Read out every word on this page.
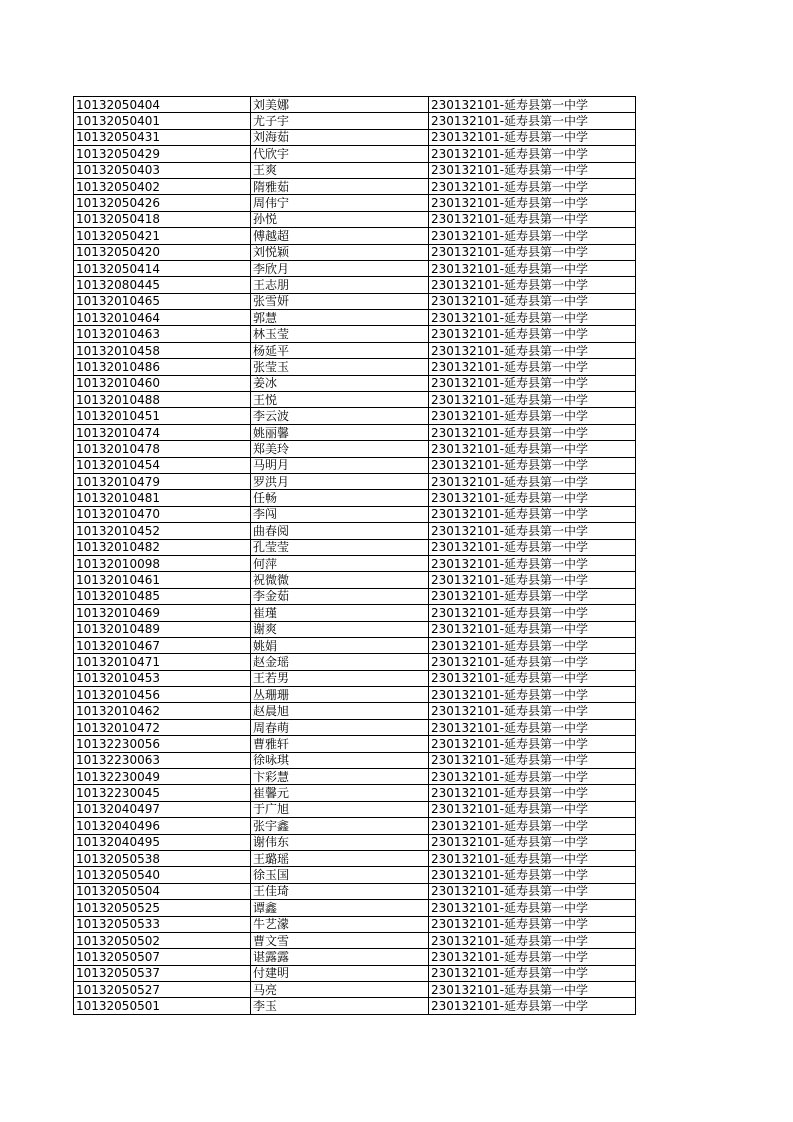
10132050404	刘美娜	230132101-延寿县第一中学
10132050401	尤子宇	230132101-延寿县第一中学
10132050431	刘海茹	230132101-延寿县第一中学
10132050429	代欣宇	230132101-延寿县第一中学
10132050403	王爽	230132101-延寿县第一中学
10132050402	隋雅茹	230132101-延寿县第一中学
10132050426	周伟宁	230132101-延寿县第一中学
10132050418	孙悦	230132101-延寿县第一中学
10132050421	傅越超	230132101-延寿县第一中学
10132050420	刘悦颖	230132101-延寿县第一中学
10132050414	李欣月	230132101-延寿县第一中学
10132080445	王志朋	230132101-延寿县第一中学
10132010465	张雪妍	230132101-延寿县第一中学
10132010464	郭慧	230132101-延寿县第一中学
10132010463	林玉莹	230132101-延寿县第一中学
10132010458	杨延平	230132101-延寿县第一中学
10132010486	张莹玉	230132101-延寿县第一中学
10132010460	姜冰	230132101-延寿县第一中学
10132010488	王悦	230132101-延寿县第一中学
10132010451	李云波	230132101-延寿县第一中学
10132010474	姚丽馨	230132101-延寿县第一中学
10132010478	郑美玲	230132101-延寿县第一中学
10132010454	马明月	230132101-延寿县第一中学
10132010479	罗洪月	230132101-延寿县第一中学
10132010481	任畅	230132101-延寿县第一中学
10132010470	李闯	230132101-延寿县第一中学
10132010452	曲春阅	230132101-延寿县第一中学
10132010482	孔莹莹	230132101-延寿县第一中学
10132010098	何萍	230132101-延寿县第一中学
10132010461	祝微微	230132101-延寿县第一中学
10132010485	李金茹	230132101-延寿县第一中学
10132010469	崔瑾	230132101-延寿县第一中学
10132010489	谢爽	230132101-延寿县第一中学
10132010467	姚娟	230132101-延寿县第一中学
10132010471	赵金瑶	230132101-延寿县第一中学
10132010453	王若男	230132101-延寿县第一中学
10132010456	丛珊珊	230132101-延寿县第一中学
10132010462	赵晨旭	230132101-延寿县第一中学
10132010472	周春萌	230132101-延寿县第一中学
10132230056	曹雅轩	230132101-延寿县第一中学
10132230063	徐咏琪	230132101-延寿县第一中学
10132230049	卞彩慧	230132101-延寿县第一中学
10132230045	崔馨元	230132101-延寿县第一中学
10132040497	于广旭	230132101-延寿县第一中学
10132040496	张宇鑫	230132101-延寿县第一中学
10132040495	谢伟东	230132101-延寿县第一中学
10132050538	王璐瑶	230132101-延寿县第一中学
10132050540	徐玉国	230132101-延寿县第一中学
10132050504	王佳琦	230132101-延寿县第一中学
10132050525	谭鑫	230132101-延寿县第一中学
10132050533	牛艺濛	230132101-延寿县第一中学
10132050502	曹文雪	230132101-延寿县第一中学
10132050507	谌露露	230132101-延寿县第一中学
10132050537	付建明	230132101-延寿县第一中学
10132050527	马亮	230132101-延寿县第一中学
10132050501	李玉	230132101-延寿县第一中学
